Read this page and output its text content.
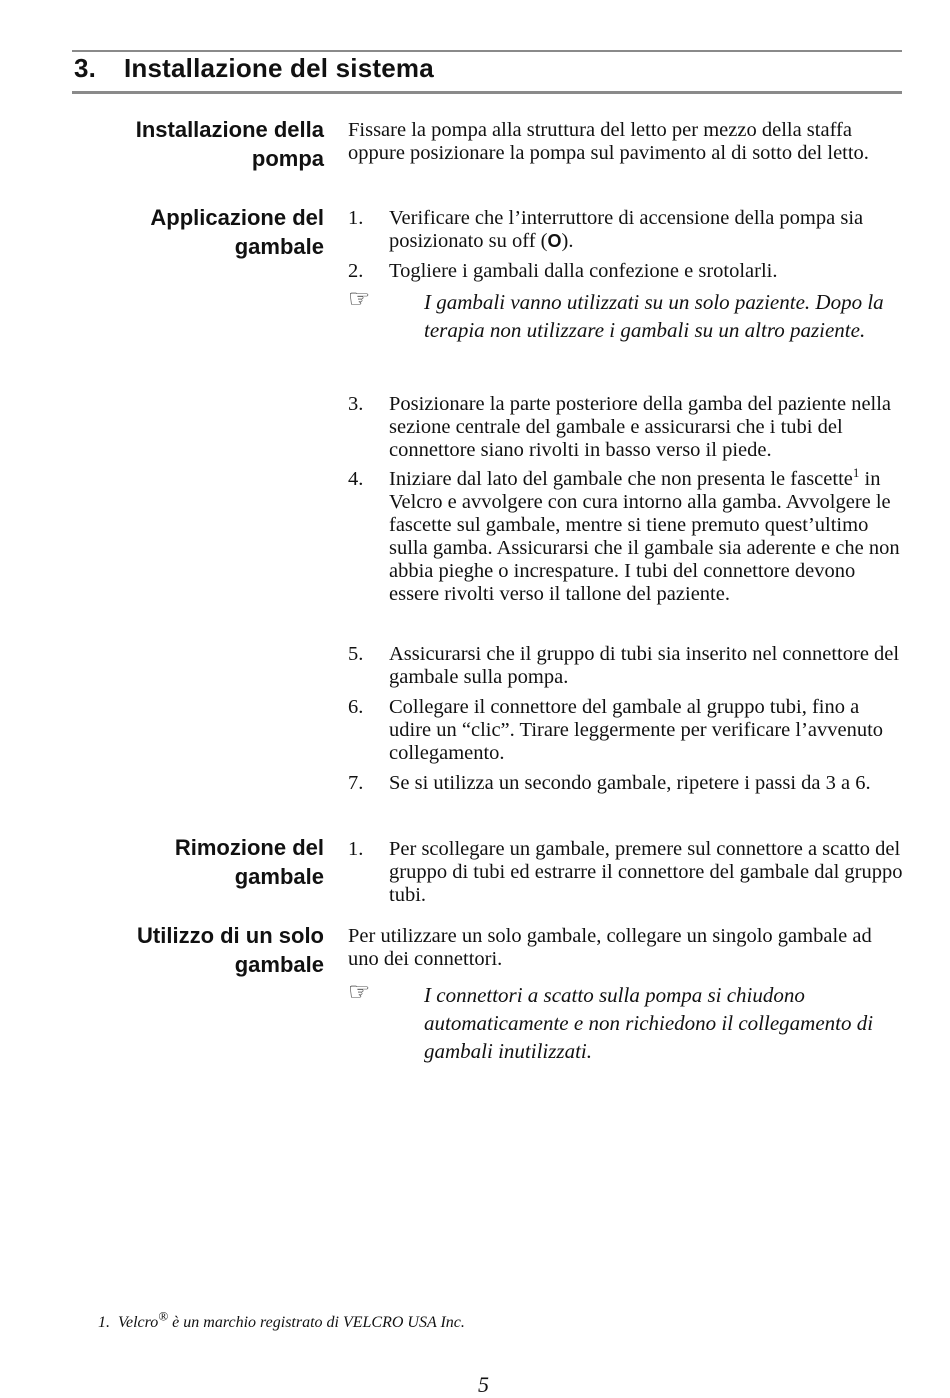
3. Installazione del sistema
Installazione della
pompa
Fissare la pompa alla struttura del letto per mezzo della staffa oppure posizionare la pompa sul pavimento al di sotto del letto.
Applicazione del
gambale
1. Verificare che l’interruttore di accensione della pompa sia posizionato su off (O).
2. Togliere i gambali dalla confezione e srotolarli.
☞	I gambali vanno utilizzati su un solo paziente. Dopo la terapia non utilizzare i gambali su un altro paziente.
3. Posizionare la parte posteriore della gamba del paziente nella sezione centrale del gambale e assicurarsi che i tubi del connettore siano rivolti in basso verso il piede.
4. Iniziare dal lato del gambale che non presenta le fascette$^1$ in Velcro e avvolgere con cura intorno alla gamba. Avvolgere le fascette sul gambale, mentre si tiene premuto quest’ultimo sulla gamba. Assicurarsi che il gambale sia aderente e che non abbia pieghe o increspature. I tubi del connettore devono essere rivolti verso il tallone del paziente.
5. Assicurarsi che il gruppo di tubi sia inserito nel connettore del gambale sulla pompa.
6. Collegare il connettore del gambale al gruppo tubi, fino a udire un “clic”. Tirare leggermente per verificare l’avvenuto collegamento.
7. Se si utilizza un secondo gambale, ripetere i passi da 3 a 6.
Rimozione del
gambale
1. Per scollegare un gambale, premere sul connettore a scatto del gruppo di tubi ed estrarre il connettore del gambale dal gruppo tubi.
Utilizzo di un solo
gambale
Per utilizzare un solo gambale, collegare un singolo gambale ad uno dei connettori.
☞	I connettori a scatto sulla pompa si chiudono automaticamente e non richiedono il collegamento di gambali inutilizzati.
1. Velcro® è un marchio registrato di VELCRO USA Inc.
5
